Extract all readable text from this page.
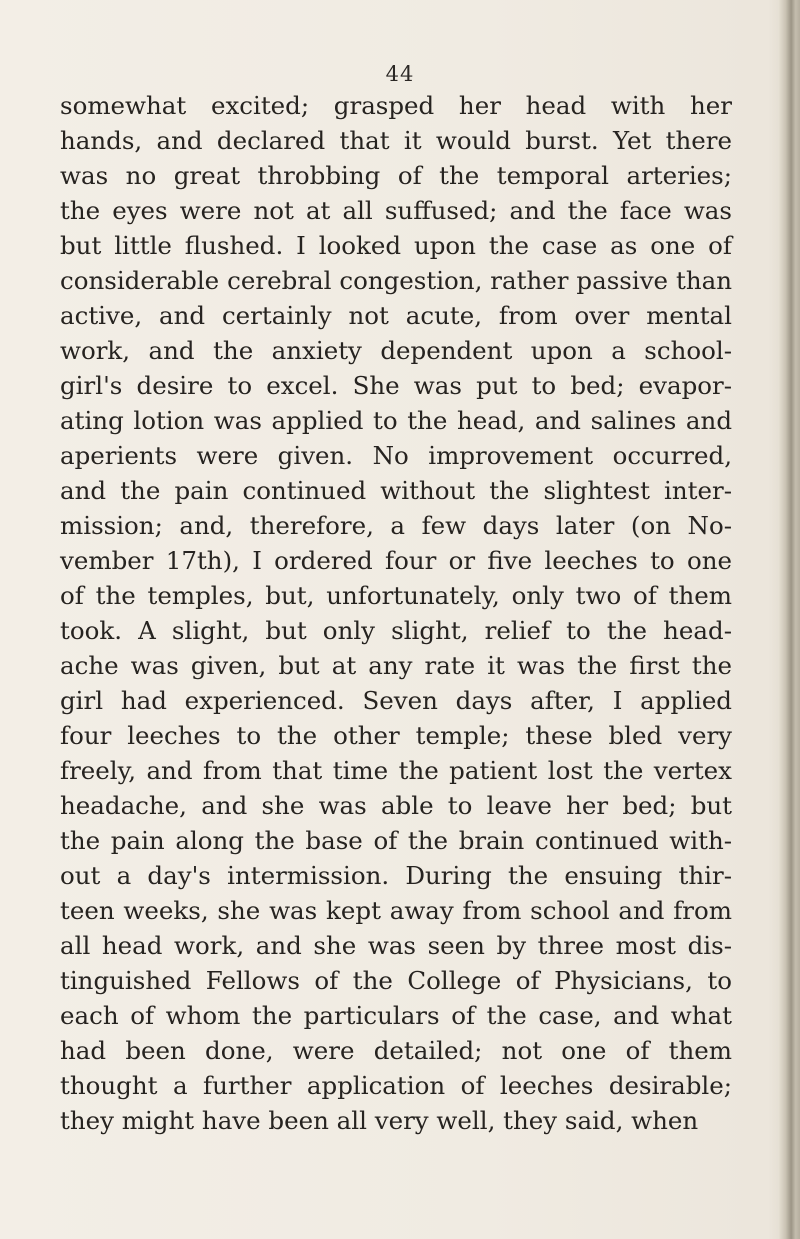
44
somewhat excited; grasped her head with her
hands, and declared that it would burst. Yet there
was no great throbbing of the temporal arteries;
the eyes were not at all suffused; and the face was
but little flushed. I looked upon the case as one of
considerable cerebral congestion, rather passive than
active, and certainly not acute, from over mental
work, and the anxiety dependent upon a school-
girl's desire to excel. She was put to bed; evapor-
ating lotion was applied to the head, and salines and
aperients were given. No improvement occurred,
and the pain continued without the slightest inter-
mission; and, therefore, a few days later (on No-
vember 17th), I ordered four or five leeches to one
of the temples, but, unfortunately, only two of them
took. A slight, but only slight, relief to the head-
ache was given, but at any rate it was the first the
girl had experienced. Seven days after, I applied
four leeches to the other temple; these bled very
freely, and from that time the patient lost the vertex
headache, and she was able to leave her bed; but
the pain along the base of the brain continued with-
out a day's intermission. During the ensuing thir-
teen weeks, she was kept away from school and from
all head work, and she was seen by three most dis-
tinguished Fellows of the College of Physicians, to
each of whom the particulars of the case, and what
had been done, were detailed; not one of them
thought a further application of leeches desirable;
they might have been all very well, they said, when
